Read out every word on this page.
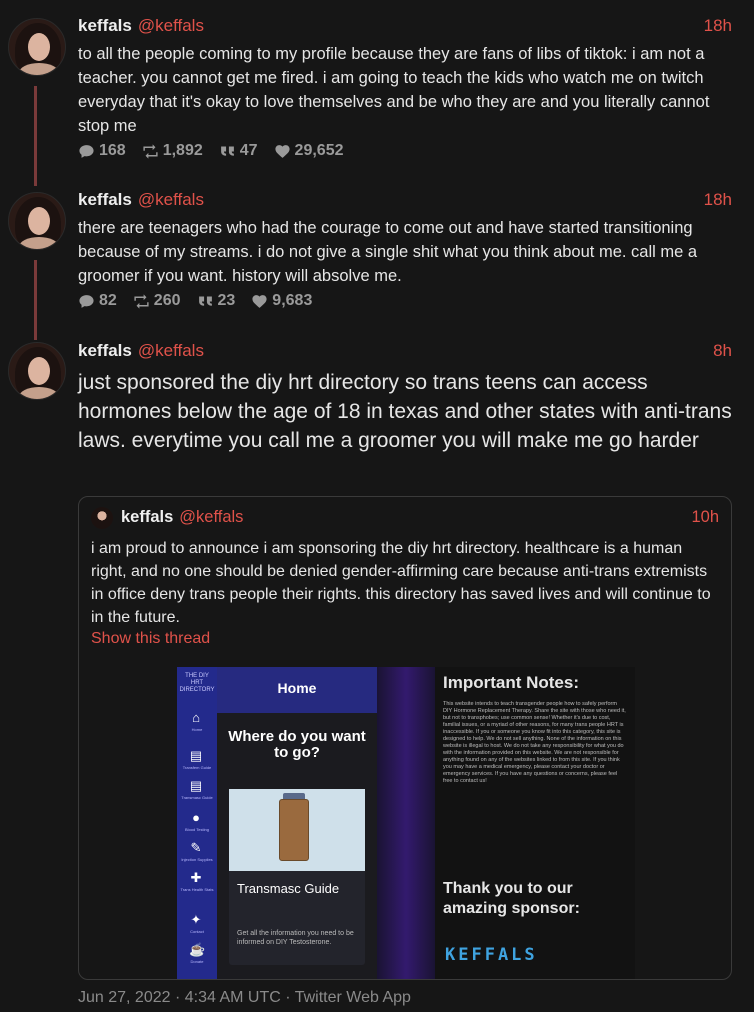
keffals @keffals	18h
to all the people coming to my profile because they are fans of libs of tiktok: i am not a teacher. you cannot get me fired. i am going to teach the kids who watch me on twitch everyday that it's okay to love themselves and be who they are and you literally cannot stop me
168 1,892 47 29,652
keffals @keffals	18h
there are teenagers who had the courage to come out and have started transitioning because of my streams. i do not give a single shit what you think about me. call me a groomer if you want. history will absolve me.
82 260 23 9,683
keffals @keffals	8h
just sponsored the diy hrt directory so trans teens can access hormones below the age of 18 in texas and other states with anti-trans laws. everytime you call me a groomer you will make me go harder
keffals @keffals	10h
i am proud to announce i am sponsoring the diy hrt directory. healthcare is a human right, and no one should be denied gender-affirming care because anti-trans extremists in office deny trans people their rights. this directory has saved lives and will continue to in the future.
Show this thread
THE DIY HRT DIRECTORY
⌂
Home
▤
Transfem Guide
▤
Transmasc Guide
●
Blood Testing
✎
Injection Supplies
✚
Trans Health Stats
✦
Contact
☕
Donate
Home
Where do you want to go?
Transmasc Guide
Get all the information you need to be informed on DIY Testosterone.
Important Notes:
This website intends to teach transgender people how to safely perform DIY Hormone Replacement Therapy. Share the site with those who need it, but not to transphobes; use common sense! Whether it's due to cost, familial issues, or a myriad of other reasons, for many trans people HRT is inaccessible. If you or someone you know fit into this category, this site is designed to help. We do not sell anything. None of the information on this website is illegal to host. We do not take any responsibility for what you do with the information provided on this website. We are not responsible for anything found on any of the websites linked to from this site. If you think you may have a medical emergency, please contact your doctor or emergency services. If you have any questions or concerns, please feel free to contact us!
Thank you to our amazing sponsor:
KEFFALS
Jun 27, 2022 · 4:34 AM UTC · Twitter Web App
